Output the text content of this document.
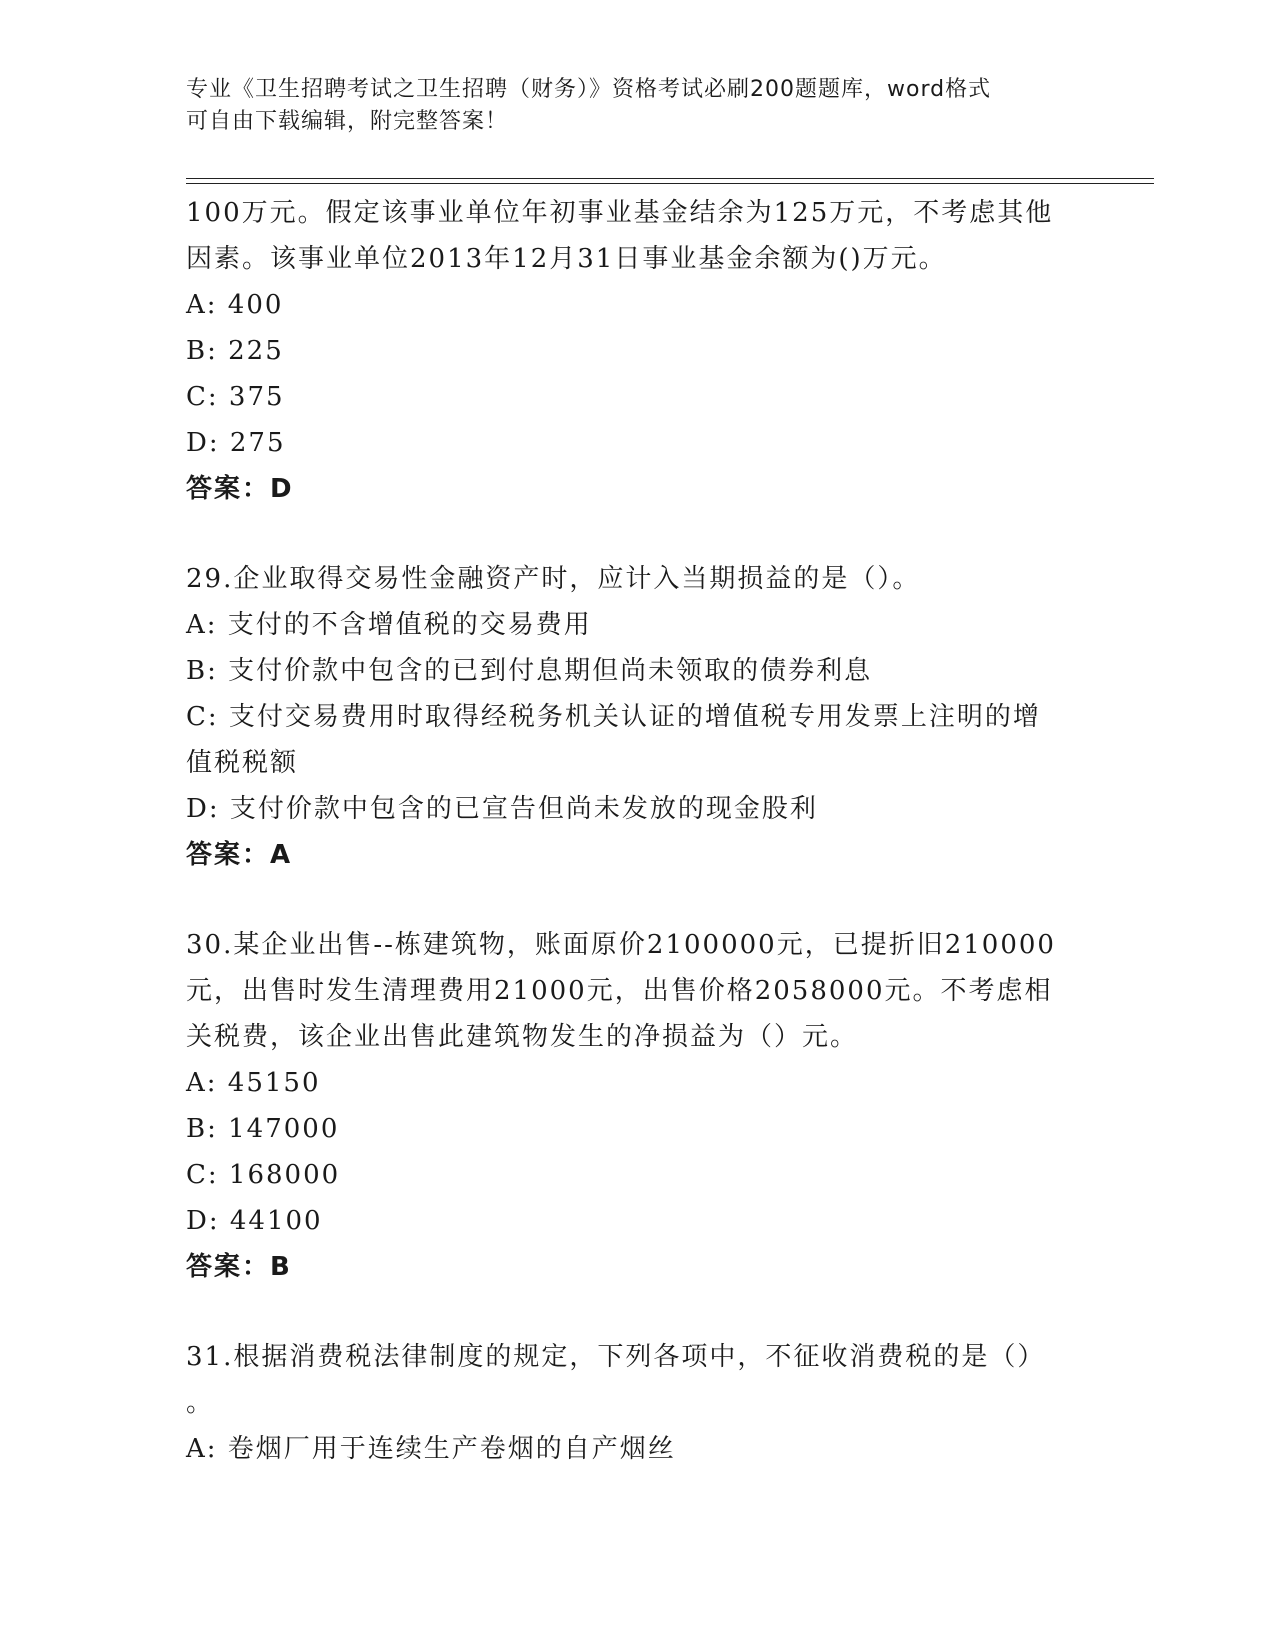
专业《卫生招聘考试之卫生招聘（财务）》资格考试必刷200题题库，word格式
可自由下载编辑，附完整答案！
100万元。假定该事业单位年初事业基金结余为125万元，不考虑其他
因素。该事业单位2013年12月31日事业基金余额为()万元。
A: 400
B: 225
C: 375
D: 275
答案：D
29.企业取得交易性金融资产时，应计入当期损益的是（）。
A: 支付的不含增值税的交易费用
B: 支付价款中包含的已到付息期但尚未领取的债券利息
C: 支付交易费用时取得经税务机关认证的增值税专用发票上注明的增
值税税额
D: 支付价款中包含的已宣告但尚未发放的现金股利
答案：A
30.某企业出售--栋建筑物，账面原价2100000元，已提折旧210000
元，出售时发生清理费用21000元，出售价格2058000元。不考虑相
关税费，该企业出售此建筑物发生的净损益为（）元。
A: 45150
B: 147000
C: 168000
D: 44100
答案：B
31.根据消费税法律制度的规定，下列各项中，不征收消费税的是（）
。
A: 卷烟厂用于连续生产卷烟的自产烟丝
